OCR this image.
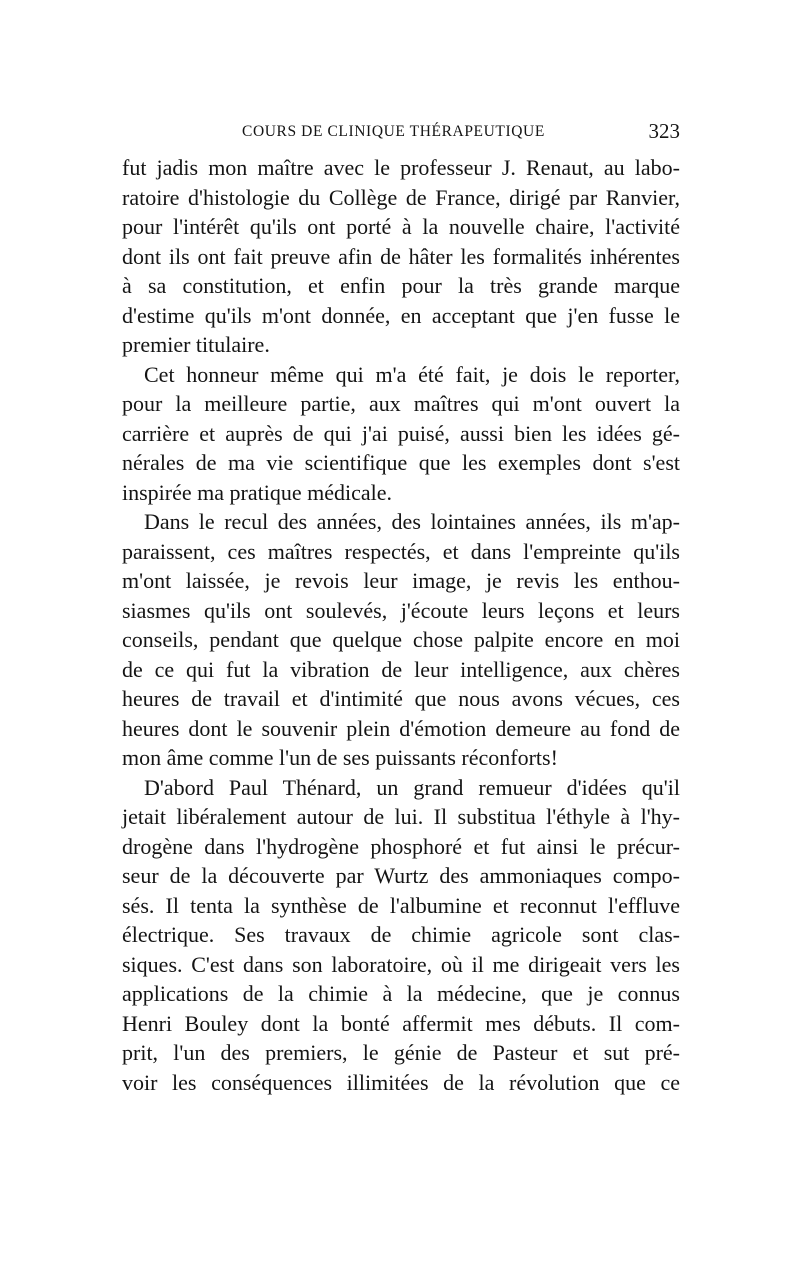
COURS DE CLINIQUE THÉRAPEUTIQUE	323
fut jadis mon maître avec le professeur J. Renaut, au labo-
ratoire d'histologie du Collège de France, dirigé par Ranvier,
pour l'intérêt qu'ils ont porté à la nouvelle chaire, l'activité
dont ils ont fait preuve afin de hâter les formalités inhérentes
à sa constitution, et enfin pour la très grande marque
d'estime qu'ils m'ont donnée, en acceptant que j'en fusse le
premier titulaire.
Cet honneur même qui m'a été fait, je dois le reporter,
pour la meilleure partie, aux maîtres qui m'ont ouvert la
carrière et auprès de qui j'ai puisé, aussi bien les idées gé-
nérales de ma vie scientifique que les exemples dont s'est
inspirée ma pratique médicale.
Dans le recul des années, des lointaines années, ils m'ap-
paraissent, ces maîtres respectés, et dans l'empreinte qu'ils
m'ont laissée, je revois leur image, je revis les enthou-
siasmes qu'ils ont soulevés, j'écoute leurs leçons et leurs
conseils, pendant que quelque chose palpite encore en moi
de ce qui fut la vibration de leur intelligence, aux chères
heures de travail et d'intimité que nous avons vécues, ces
heures dont le souvenir plein d'émotion demeure au fond de
mon âme comme l'un de ses puissants réconforts!
D'abord Paul Thénard, un grand remueur d'idées qu'il
jetait libéralement autour de lui. Il substitua l'éthyle à l'hy-
drogène dans l'hydrogène phosphoré et fut ainsi le précur-
seur de la découverte par Wurtz des ammoniaques compo-
sés. Il tenta la synthèse de l'albumine et reconnut l'effluve
électrique. Ses travaux de chimie agricole sont clas-
siques. C'est dans son laboratoire, où il me dirigeait vers les
applications de la chimie à la médecine, que je connus
Henri Bouley dont la bonté affermit mes débuts. Il com-
prit, l'un des premiers, le génie de Pasteur et sut pré-
voir les conséquences illimitées de la révolution que ce
